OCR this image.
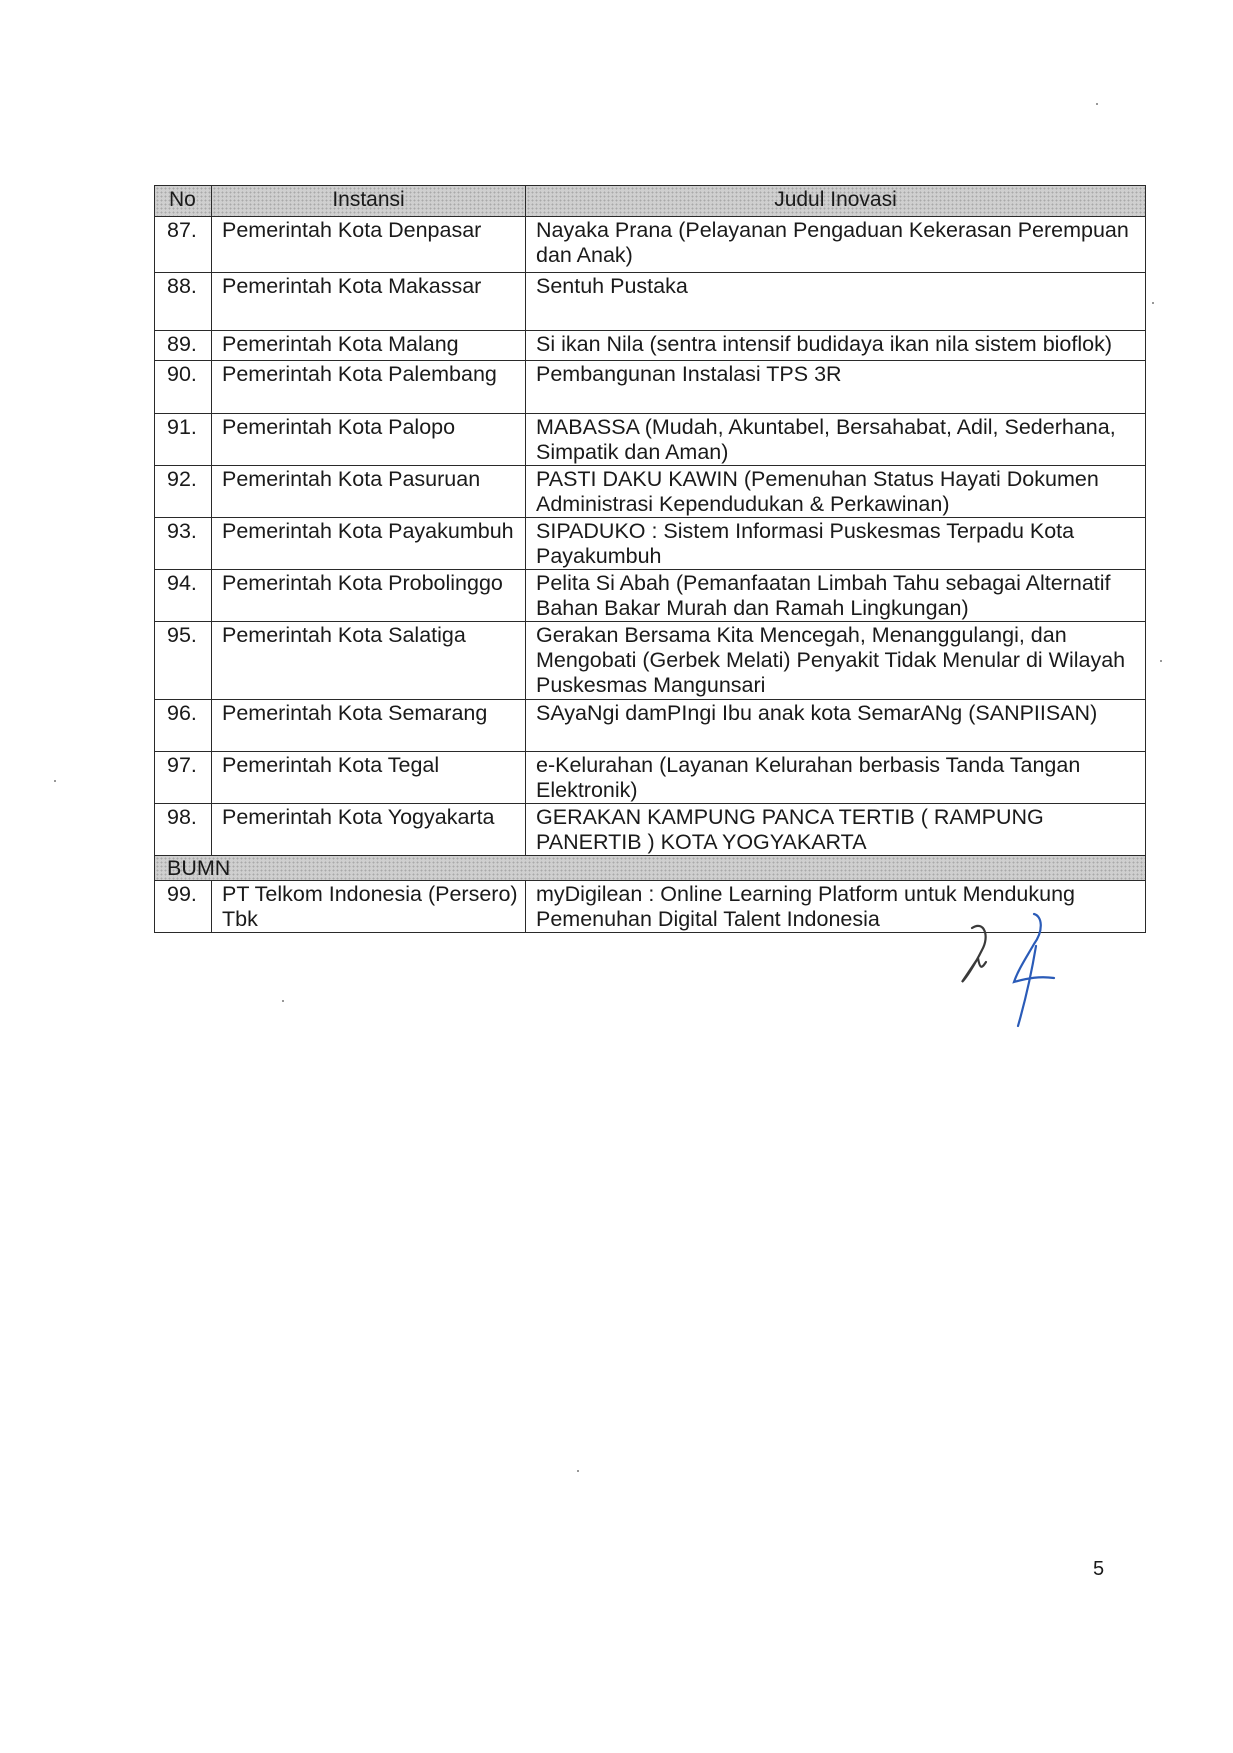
No	Instansi	Judul Inovasi
87.	Pemerintah Kota Denpasar	Nayaka Prana (Pelayanan Pengaduan Kekerasan Perempuan dan Anak)
88.	Pemerintah Kota Makassar	Sentuh Pustaka
89.	Pemerintah Kota Malang	Si ikan Nila (sentra intensif budidaya ikan nila sistem bioflok)
90.	Pemerintah Kota Palembang	Pembangunan Instalasi TPS 3R
91.	Pemerintah Kota Palopo	MABASSA (Mudah, Akuntabel, Bersahabat, Adil, Sederhana, Simpatik dan Aman)
92.	Pemerintah Kota Pasuruan	PASTI DAKU KAWIN (Pemenuhan Status Hayati Dokumen Administrasi Kependudukan & Perkawinan)
93.	Pemerintah Kota Payakumbuh	SIPADUKO : Sistem Informasi Puskesmas Terpadu Kota Payakumbuh
94.	Pemerintah Kota Probolinggo	Pelita Si Abah (Pemanfaatan Limbah Tahu sebagai Alternatif Bahan Bakar Murah dan Ramah Lingkungan)
95.	Pemerintah Kota Salatiga	Gerakan Bersama Kita Mencegah, Menanggulangi, dan Mengobati (Gerbek Melati) Penyakit Tidak Menular di Wilayah Puskesmas Mangunsari
96.	Pemerintah Kota Semarang	SAyaNgi damPIngi Ibu anak kota SemarANg (SANPIISAN)
97.	Pemerintah Kota Tegal	e-Kelurahan (Layanan Kelurahan berbasis Tanda Tangan Elektronik)
98.	Pemerintah Kota Yogyakarta	GERAKAN KAMPUNG PANCA TERTIB ( RAMPUNG PANERTIB ) KOTA YOGYAKARTA
BUMN		
99.	PT Telkom Indonesia (Persero) Tbk	myDigilean : Online Learning Platform untuk Mendukung Pemenuhan Digital Talent Indonesia
5
